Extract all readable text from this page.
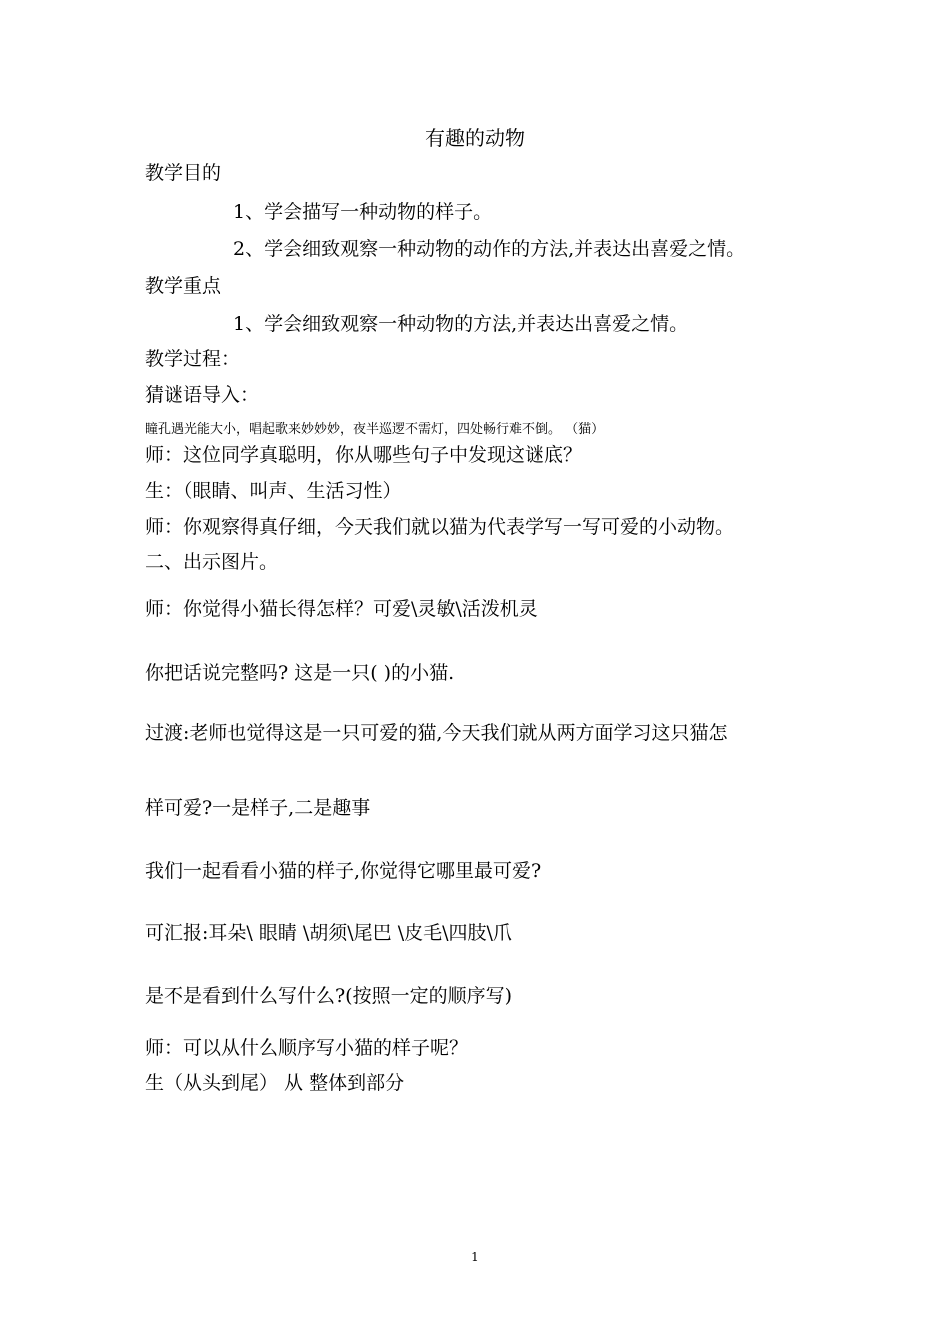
有趣的动物
教学目的
1、学会描写一种动物的样子。
2、学会细致观察一种动物的动作的方法,并表达出喜爱之情。
教学重点
1、学会细致观察一种动物的方法,并表达出喜爱之情。
教学过程：
猜谜语导入：
瞳孔遇光能大小，唱起歌来妙妙妙，夜半巡逻不需灯，四处畅行难不倒。 （猫）
师：这位同学真聪明，你从哪些句子中发现这谜底？
生：（眼睛、叫声、生活习性）
师：你观察得真仔细，今天我们就以猫为代表学写一写可爱的小动物。
二、出示图片。
师：你觉得小猫长得怎样？可爱\灵敏\活泼机灵
你把话说完整吗? 这是一只( )的小猫.
过渡:老师也觉得这是一只可爱的猫,今天我们就从两方面学习这只猫怎
样可爱?一是样子,二是趣事
我们一起看看小猫的样子,你觉得它哪里最可爱?
可汇报:耳朵\ 眼睛 \胡须\尾巴 \皮毛\四肢\爪
是不是看到什么写什么?(按照一定的顺序写)
师：可以从什么顺序写小猫的样子呢？
生（从头到尾） 从 整体到部分
1
